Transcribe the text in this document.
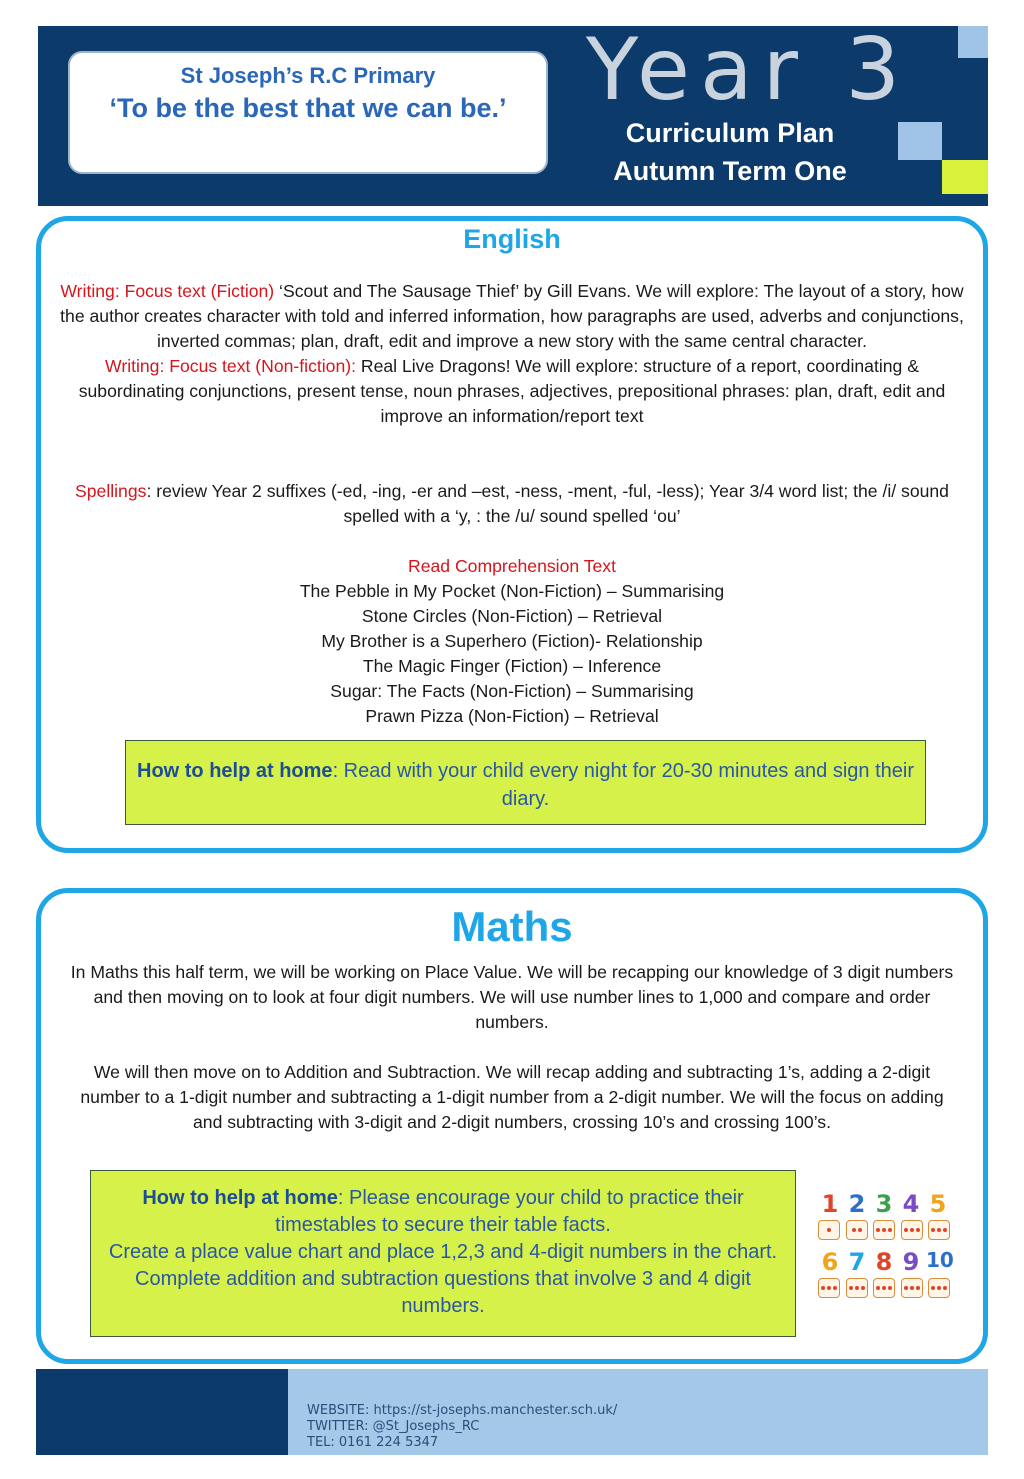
St Joseph’s R.C Primary
‘To be the best that we can be.’ Year 3
Curriculum Plan
Autumn Term One
English
Writing: Focus text (Fiction) ‘Scout and The Sausage Thief’ by Gill Evans. We will explore: The layout of a story, how the author creates character with told and inferred information, how paragraphs are used, adverbs and conjunctions, inverted commas; plan, draft, edit and improve a new story with the same central character.
Writing: Focus text (Non-fiction): Real Live Dragons! We will explore: structure of a report, coordinating & subordinating conjunctions, present tense, noun phrases, adjectives, prepositional phrases: plan, draft, edit and improve an information/report text
Spellings: review Year 2 suffixes (-ed, -ing, -er and –est, -ness, -ment, -ful, -less); Year 3/4 word list; the /i/ sound spelled with a ‘y, : the /u/ sound spelled ‘ou’
Read Comprehension Text
The Pebble in My Pocket (Non-Fiction) – Summarising
Stone Circles (Non-Fiction) – Retrieval
My Brother is a Superhero (Fiction)- Relationship
The Magic Finger (Fiction) – Inference
Sugar: The Facts (Non-Fiction) – Summarising
Prawn Pizza (Non-Fiction) – Retrieval
How to help at home: Read with your child every night for 20-30 minutes and sign their diary.
Maths
In Maths this half term, we will be working on Place Value. We will be recapping our knowledge of 3 digit numbers and then moving on to look at four digit numbers. We will use number lines to 1,000 and compare and order numbers.
We will then move on to Addition and Subtraction. We will recap adding and subtracting 1’s, adding a 2-digit number to a 1-digit number and subtracting a 1-digit number from a 2-digit number. We will the focus on adding and subtracting with 3-digit and 2-digit numbers, crossing 10’s and crossing 100’s.
How to help at home: Please encourage your child to practice their timestables to secure their table facts.
Create a place value chart and place 1,2,3 and 4-digit numbers in the chart. Complete addition and subtraction questions that involve 3 and 4 digit numbers.
1 2 3 4 5
6 7 8 9 10
WEBSITE: https://st-josephs.manchester.sch.uk/
TWITTER: @St_Josephs_RC
TEL: 0161 224 5347
